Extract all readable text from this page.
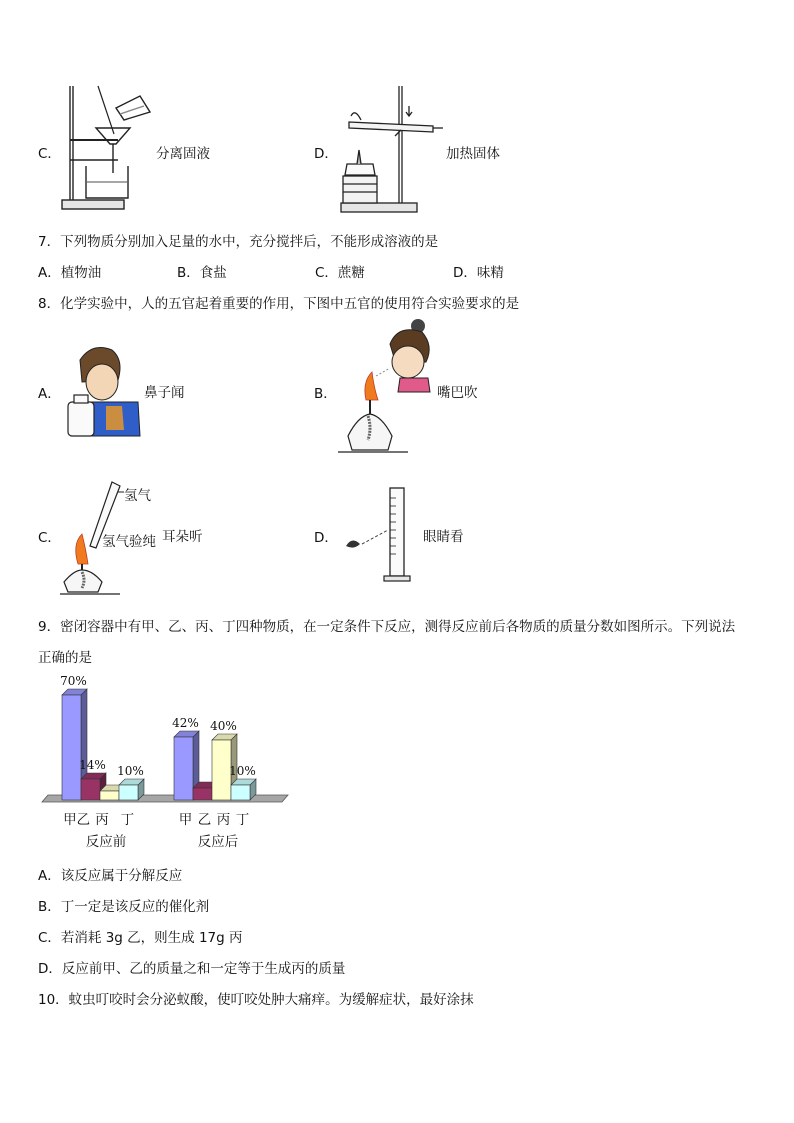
C．	分离固液	D．	加热固体
7．下列物质分别加入足量的水中，充分搅拌后，不能形成溶液的是
A．植物油	B．食盐	C．蔗糖	D．味精
8．化学实验中，人的五官起着重要的作用，下图中五官的使用符合实验要求的是
A．	鼻子闻	B．	嘴巴吹
C．
氢气
氢气验纯 耳朵听	D．	眼睛看
9．密闭容器中有甲、乙、丙、丁四种物质，在一定条件下反应，测得反应前后各物质的质量分数如图所示。下列说法
正确的是
70%
14% 10%
甲乙 丙 丁
反应前
42% 40%
10%
甲 乙 丙 丁
反应后
A．该反应属于分解反应
B．丁一定是该反应的催化剂
C．若消耗 3g 乙，则生成 17g 丙
D．反应前甲、乙的质量之和一定等于生成丙的质量
10．蚊虫叮咬时会分泌蚁酸，使叮咬处肿大痛痒。为缓解症状，最好涂抹
